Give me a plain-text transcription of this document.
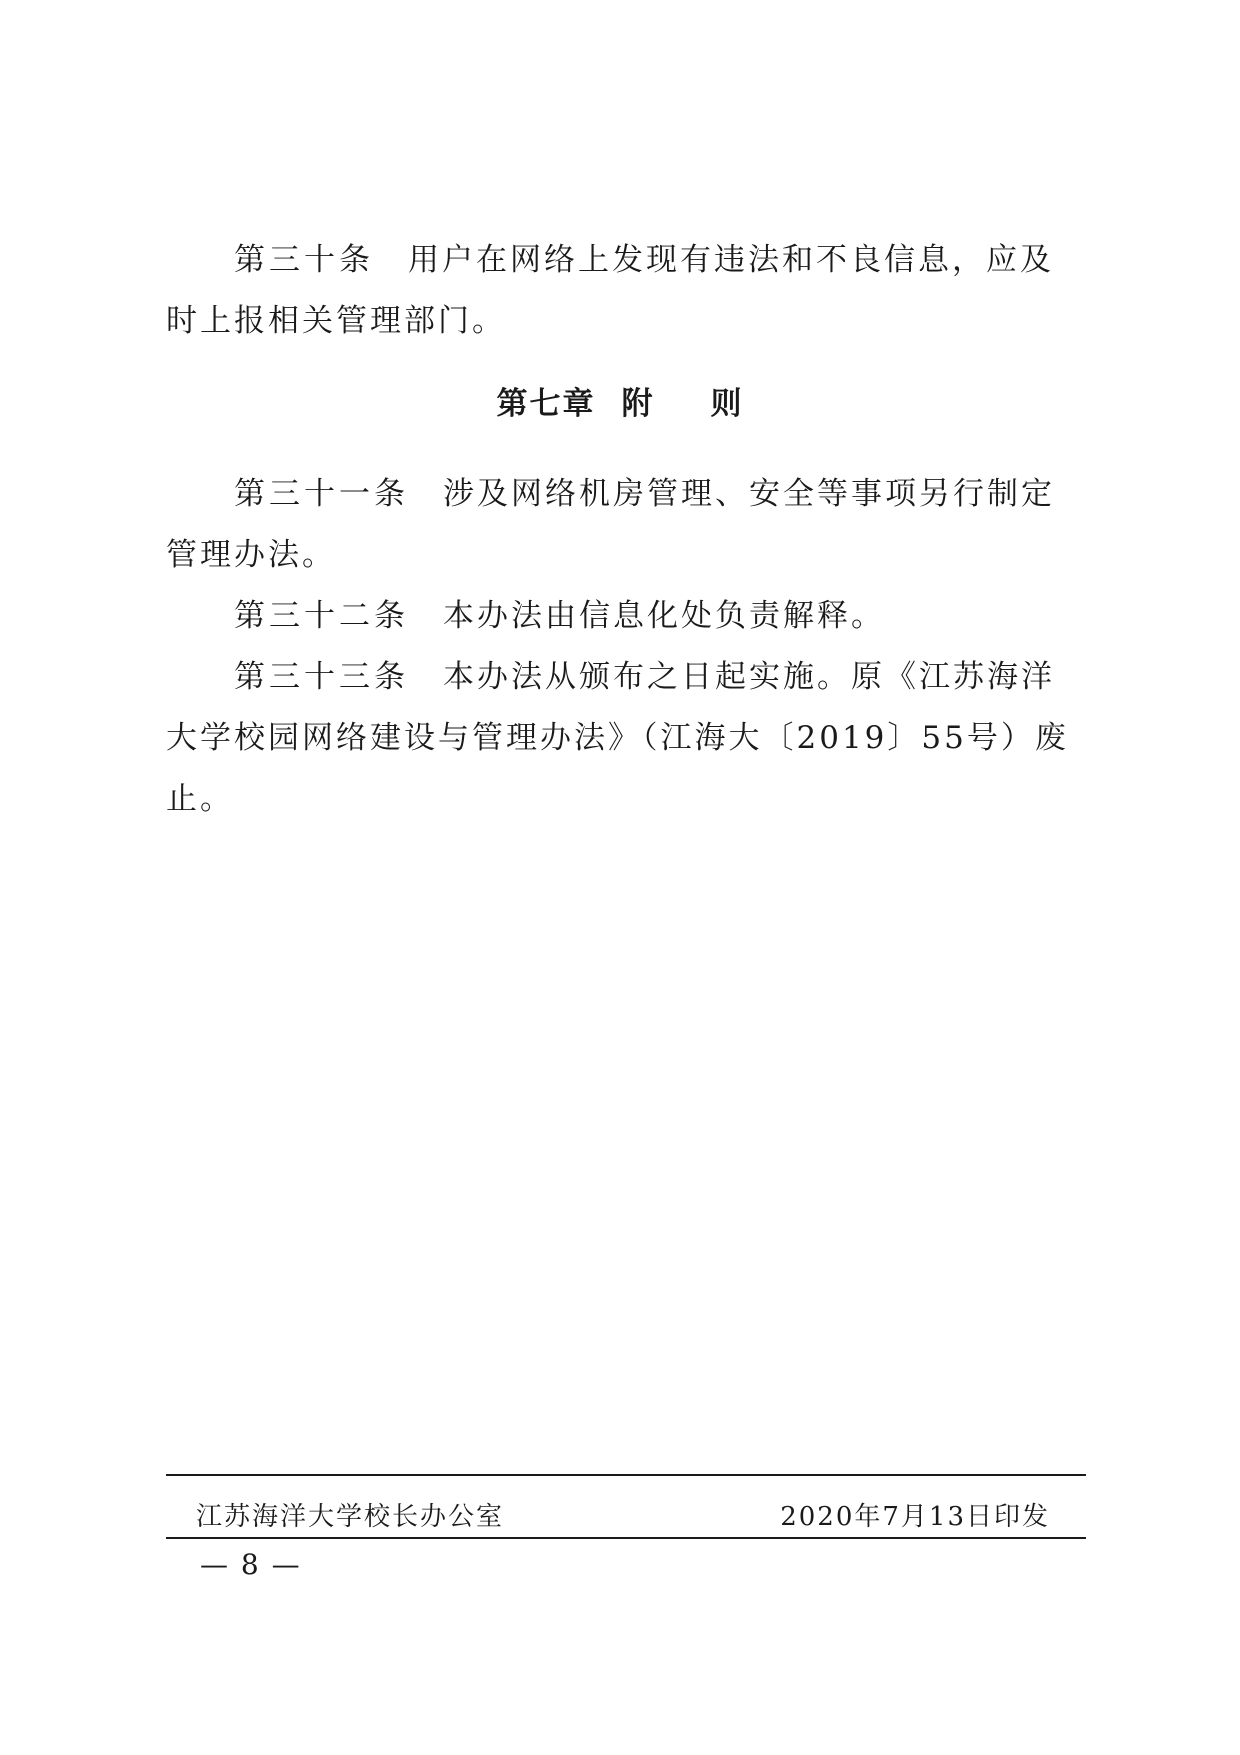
第三十条 用户在网络上发现有违法和不良信息，应及时上报相关管理部门。

第七章 附 则

第三十一条 涉及网络机房管理、安全等事项另行制定管理办法。

第三十二条 本办法由信息化处负责解释。

第三十三条 本办法从颁布之日起实施。原《江苏海洋大学校园网络建设与管理办法》（江海大〔2019〕55号）废止。

江苏海洋大学校长办公室	2020年7月13日印发
— 8 —
